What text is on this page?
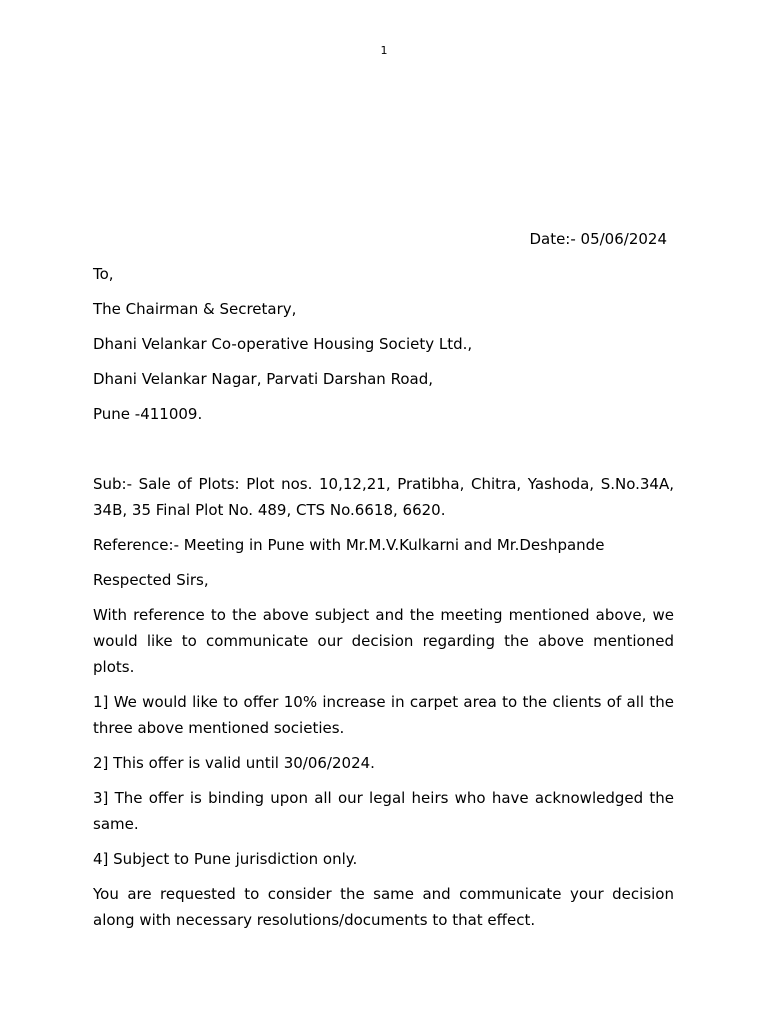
1

Date:- 05/06/2024

To,

The Chairman & Secretary,

Dhani Velankar Co-operative Housing Society Ltd.,

Dhani Velankar Nagar, Parvati Darshan Road,

Pune -411009.

Sub:- Sale of Plots: Plot nos. 10,12,21, Pratibha, Chitra, Yashoda, S.No.34A, 34B, 35 Final Plot No. 489, CTS No.6618, 6620.

Reference:- Meeting in Pune with Mr.M.V.Kulkarni and Mr.Deshpande

Respected Sirs,

With reference to the above subject and the meeting mentioned above, we would like to communicate our decision regarding the above mentioned plots.

1] We would like to offer 10% increase in carpet area to the clients of all the three above mentioned societies.

2] This offer is valid until 30/06/2024.

3] The offer is binding upon all our legal heirs who have acknowledged the same.

4] Subject to Pune jurisdiction only.

You are requested to consider the same and communicate your decision along with necessary resolutions/documents to that effect.
